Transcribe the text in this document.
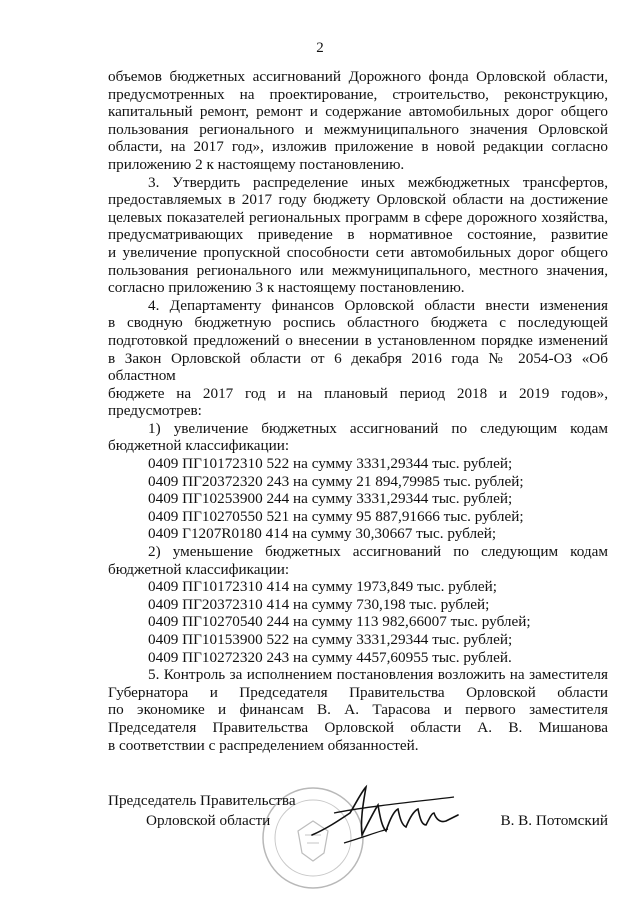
2

объемов бюджетных ассигнований Дорожного фонда Орловской области,
предусмотренных на проектирование, строительство, реконструкцию,
капитальный ремонт, ремонт и содержание автомобильных дорог общего
пользования регионального и межмуниципального значения Орловской
области, на 2017 год», изложив приложение в новой редакции согласно
приложению 2 к настоящему постановлению.

3. Утвердить распределение иных межбюджетных трансфертов,
предоставляемых в 2017 году бюджету Орловской области на достижение
целевых показателей региональных программ в сфере дорожного хозяйства,
предусматривающих приведение в нормативное состояние, развитие
и увеличение пропускной способности сети автомобильных дорог общего
пользования регионального или межмуниципального, местного значения,
согласно приложению 3 к настоящему постановлению.

4. Департаменту финансов Орловской области внести изменения
в сводную бюджетную роспись областного бюджета с последующей
подготовкой предложений о внесении в установленном порядке изменений
в Закон Орловской области от 6 декабря 2016 года № 2054-ОЗ «Об областном
бюджете на 2017 год и на плановый период 2018 и 2019 годов»,
предусмотрев:

1) увеличение бюджетных ассигнований по следующим кодам
бюджетной классификации:

0409 ПГ10172310 522 на сумму 3331,29344 тыс. рублей;
0409 ПГ20372320 243 на сумму 21 894,79985 тыс. рублей;
0409 ПГ10253900 244 на сумму 3331,29344 тыс. рублей;
0409 ПГ10270550 521 на сумму 95 887,91666 тыс. рублей;
0409 Г1207R0180 414 на сумму 30,30667 тыс. рублей;

2) уменьшение бюджетных ассигнований по следующим кодам
бюджетной классификации:

0409 ПГ10172310 414 на сумму 1973,849 тыс. рублей;
0409 ПГ20372310 414 на сумму 730,198 тыс. рублей;
0409 ПГ10270540 244 на сумму 113 982,66007 тыс. рублей;
0409 ПГ10153900 522 на сумму 3331,29344 тыс. рублей;
0409 ПГ10272320 243 на сумму 4457,60955 тыс. рублей.

5. Контроль за исполнением постановления возложить на заместителя
Губернатора и Председателя Правительства Орловской области
по экономике и финансам В. А. Тарасова и первого заместителя
Председателя Правительства Орловской области А. В. Мишанова
в соответствии с распределением обязанностей.

Председатель Правительства
Орловской области	В. В. Потомский
